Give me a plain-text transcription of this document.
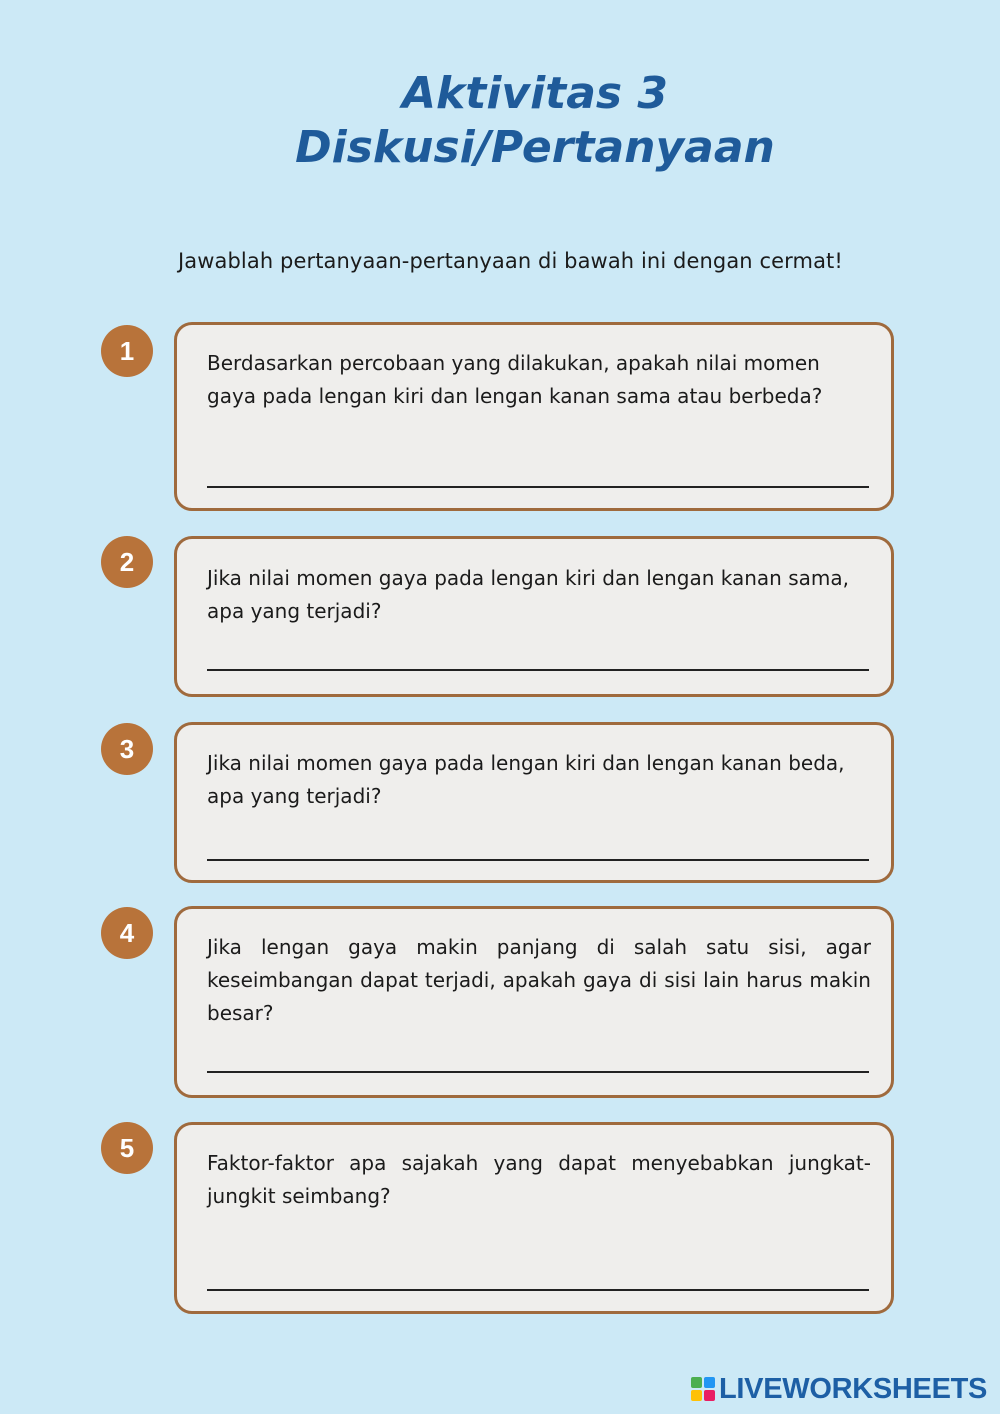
Aktivitas 3
Diskusi/Pertanyaan
Jawablah pertanyaan-pertanyaan di bawah ini dengan cermat!
1	Berdasarkan percobaan yang dilakukan, apakah nilai momen gaya pada lengan kiri dan lengan kanan sama atau berbeda?

2

Jika nilai momen gaya pada lengan kiri dan lengan kanan sama, apa yang terjadi?

3	Jika nilai momen gaya pada lengan kiri dan lengan kanan beda, apa yang terjadi?

4	Jika lengan gaya makin panjang di salah satu sisi, agar keseimbangan dapat terjadi, apakah gaya di sisi lain harus makin besar?

5	Faktor-faktor apa sajakah yang dapat menyebabkan jungkat-jungkit seimbang?

LIVEWORKSHEETS
